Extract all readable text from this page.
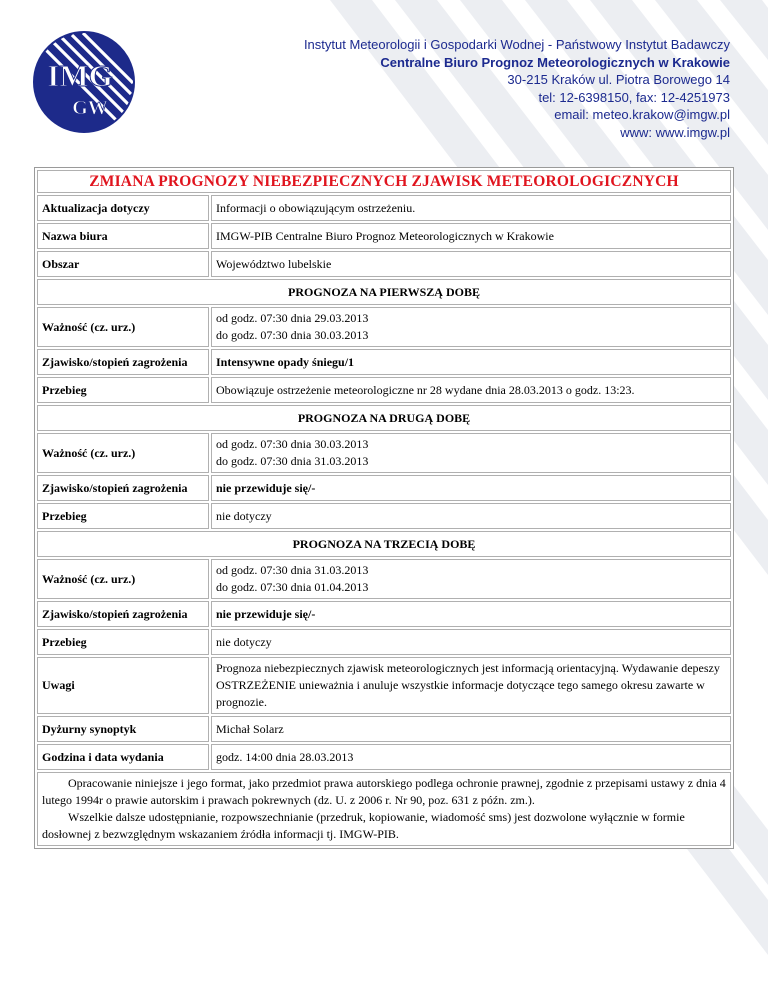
IMG
GW
Instytut Meteorologii i Gospodarki Wodnej - Państwowy Instytut Badawczy
Centralne Biuro Prognoz Meteorologicznych w Krakowie
30-215 Kraków ul. Piotra Borowego 14
tel: 12-6398150, fax: 12-4251973
email: meteo.krakow@imgw.pl
www: www.imgw.pl
ZMIANA PROGNOZY NIEBEZPIECZNYCH ZJAWISK METEOROLOGICZNYCH	
Aktualizacja dotyczy	Informacji o obowiązującym ostrzeżeniu.
Nazwa biura	IMGW-PIB Centralne Biuro Prognoz Meteorologicznych w Krakowie
Obszar	Województwo lubelskie
PROGNOZA NA PIERWSZĄ DOBĘ	
Ważność (cz. urz.)	od godz. 07:30 dnia 29.03.2013
do godz. 07:30 dnia 30.03.2013

Zjawisko/stopień zagrożenia	Intensywne opady śniegu/1
Przebieg	Obowiązuje ostrzeżenie meteorologiczne nr 28 wydane dnia 28.03.2013 o godz. 13:23.
PROGNOZA NA DRUGĄ DOBĘ	
Ważność (cz. urz.)	od godz. 07:30 dnia 30.03.2013
do godz. 07:30 dnia 31.03.2013

Zjawisko/stopień zagrożenia	nie przewiduje się/-
Przebieg	nie dotyczy
PROGNOZA NA TRZECIĄ DOBĘ	
Ważność (cz. urz.)	od godz. 07:30 dnia 31.03.2013
do godz. 07:30 dnia 01.04.2013

Zjawisko/stopień zagrożenia	nie przewiduje się/-
Przebieg	nie dotyczy
Uwagi	Prognoza niebezpiecznych zjawisk meteorologicznych jest informacją orientacyjną. Wydawanie depeszy OSTRZEŻENIE unieważnia i anuluje wszystkie informacje dotyczące tego samego okresu zawarte w prognozie.
Dyżurny synoptyk	Michał Solarz
Godzina i data wydania	godz. 14:00 dnia 28.03.2013

Opracowanie niniejsze i jego format, jako przedmiot prawa autorskiego podlega ochronie prawnej, zgodnie z przepisami ustawy z dnia 4 lutego 1994r o prawie autorskim i prawach pokrewnych (dz. U. z 2006 r. Nr 90, poz. 631 z późn. zm.).
Wszelkie dalsze udostępnianie, rozpowszechnianie (przedruk, kopiowanie, wiadomość sms) jest dozwolone wyłącznie w formie dosłownej z bezwzględnym wskazaniem źródła informacji tj. IMGW-PIB.	
